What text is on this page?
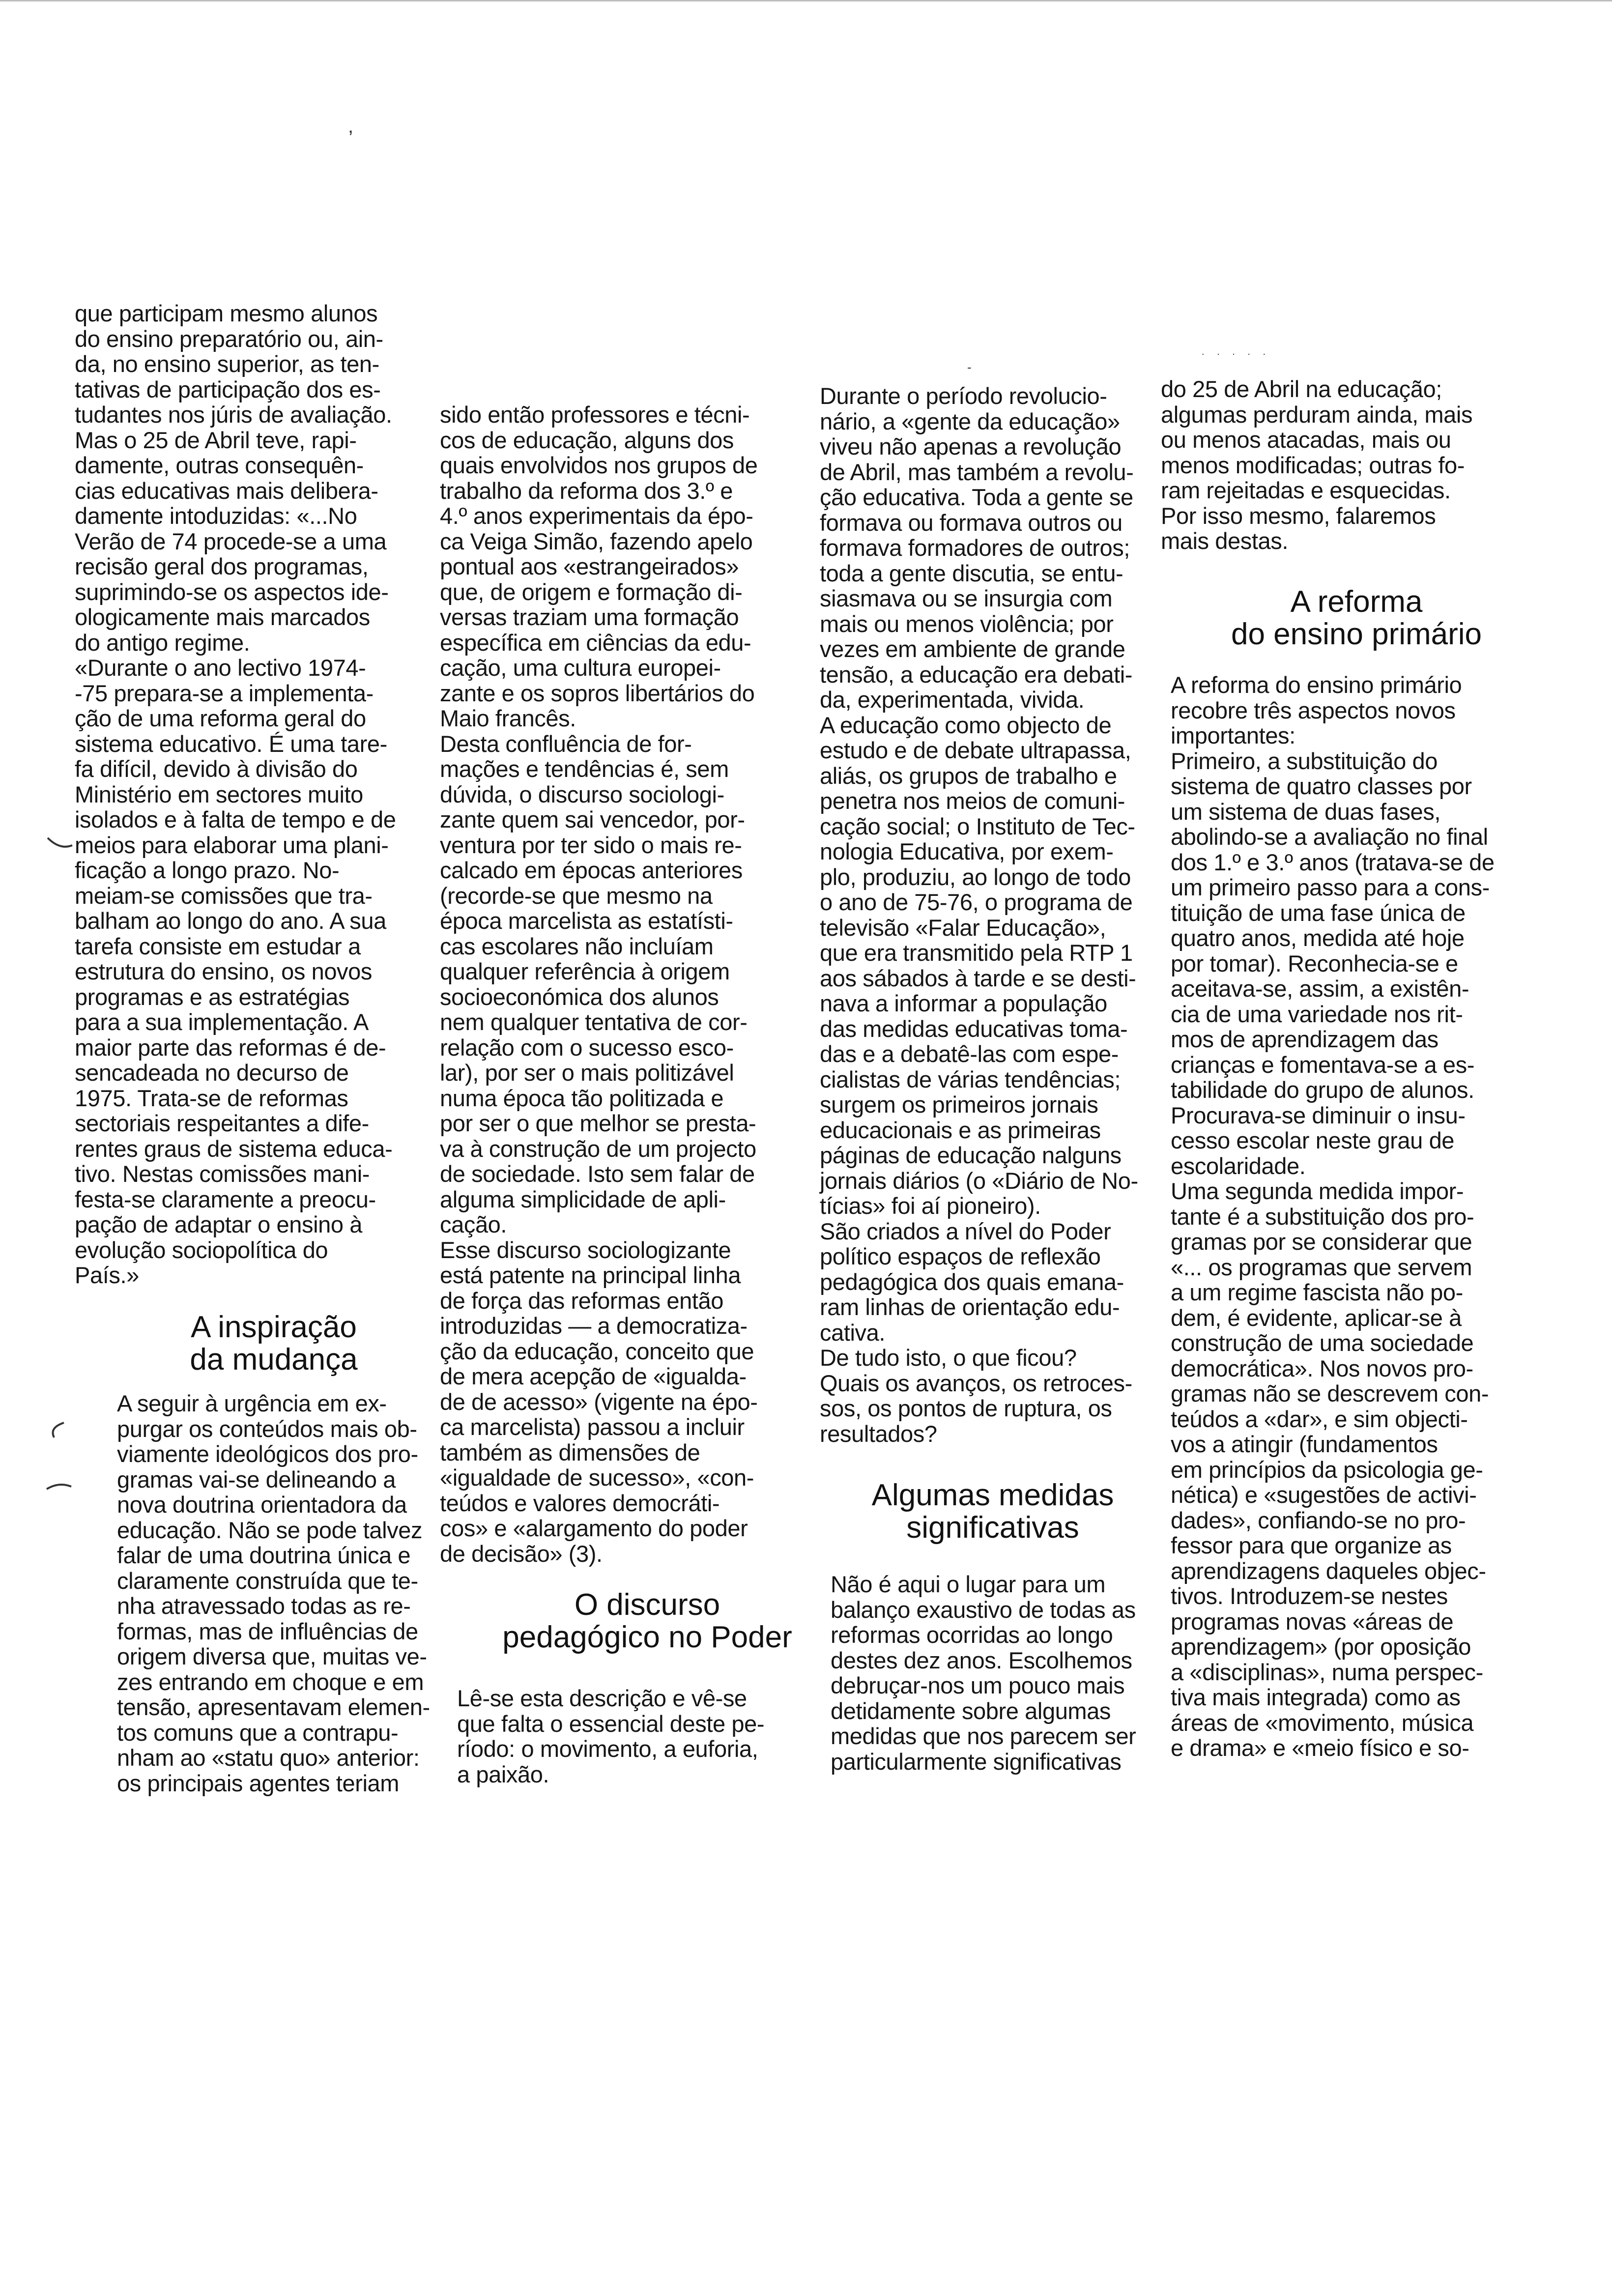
que participam mesmo alunos
do ensino preparatório ou, ain-
da, no ensino superior, as ten-
tativas de participação dos es-
tudantes nos júris de avaliação.
Mas o 25 de Abril teve, rapi-
damente, outras consequên-
cias educativas mais delibera-
damente intoduzidas: «...No
Verão de 74 procede-se a uma
recisão geral dos programas,
suprimindo-se os aspectos ide-
ologicamente mais marcados
do antigo regime.
«Durante o ano lectivo 1974-
-75 prepara-se a implementa-
ção de uma reforma geral do
sistema educativo. É uma tare-
fa difícil, devido à divisão do
Ministério em sectores muito
isolados e à falta de tempo e de
meios para elaborar uma plani-
ficação a longo prazo. No-
meiam-se comissões que tra-
balham ao longo do ano. A sua
tarefa consiste em estudar a
estrutura do ensino, os novos
programas e as estratégias
para a sua implementação. A
maior parte das reformas é de-
sencadeada no decurso de
1975. Trata-se de reformas
sectoriais respeitantes a dife-
rentes graus de sistema educa-
tivo. Nestas comissões mani-
festa-se claramente a preocu-
pação de adaptar o ensino à
evolução sociopolítica do
País.»
A inspiração
da mudança
A seguir à urgência em ex-
purgar os conteúdos mais ob-
viamente ideológicos dos pro-
gramas vai-se delineando a
nova doutrina orientadora da
educação. Não se pode talvez
falar de uma doutrina única e
claramente construída que te-
nha atravessado todas as re-
formas, mas de influências de
origem diversa que, muitas ve-
zes entrando em choque e em
tensão, apresentavam elemen-
tos comuns que a contrapu-
nham ao «statu quo» anterior:
os principais agentes teriam
sido então professores e técni-
cos de educação, alguns dos
quais envolvidos nos grupos de
trabalho da reforma dos 3.º e
4.º anos experimentais da épo-
ca Veiga Simão, fazendo apelo
pontual aos «estrangeirados»
que, de origem e formação di-
versas traziam uma formação
específica em ciências da edu-
cação, uma cultura europei-
zante e os sopros libertários do
Maio francês.
Desta confluência de for-
mações e tendências é, sem
dúvida, o discurso sociologi-
zante quem sai vencedor, por-
ventura por ter sido o mais re-
calcado em épocas anteriores
(recorde-se que mesmo na
época marcelista as estatísti-
cas escolares não incluíam
qualquer referência à origem
socioeconómica dos alunos
nem qualquer tentativa de cor-
relação com o sucesso esco-
lar), por ser o mais politizável
numa época tão politizada e
por ser o que melhor se presta-
va à construção de um projecto
de sociedade. Isto sem falar de
alguma simplicidade de apli-
cação.
Esse discurso sociologizante
está patente na principal linha
de força das reformas então
introduzidas — a democratiza-
ção da educação, conceito que
de mera acepção de «igualda-
de de acesso» (vigente na épo-
ca marcelista) passou a incluir
também as dimensões de
«igualdade de sucesso», «con-
teúdos e valores democráti-
cos» e «alargamento do poder
de decisão» (3).
O discurso
pedagógico no Poder
Lê-se esta descrição e vê-se
que falta o essencial deste pe-
ríodo: o movimento, a euforia,
a paixão.
Durante o período revolucio-
nário, a «gente da educação»
viveu não apenas a revolução
de Abril, mas também a revolu-
ção educativa. Toda a gente se
formava ou formava outros ou
formava formadores de outros;
toda a gente discutia, se entu-
siasmava ou se insurgia com
mais ou menos violência; por
vezes em ambiente de grande
tensão, a educação era debati-
da, experimentada, vivida.
A educação como objecto de
estudo e de debate ultrapassa,
aliás, os grupos de trabalho e
penetra nos meios de comuni-
cação social; o Instituto de Tec-
nologia Educativa, por exem-
plo, produziu, ao longo de todo
o ano de 75-76, o programa de
televisão «Falar Educação»,
que era transmitido pela RTP 1
aos sábados à tarde e se desti-
nava a informar a população
das medidas educativas toma-
das e a debatê-las com espe-
cialistas de várias tendências;
surgem os primeiros jornais
educacionais e as primeiras
páginas de educação nalguns
jornais diários (o «Diário de No-
tícias» foi aí pioneiro).
São criados a nível do Poder
político espaços de reflexão
pedagógica dos quais emana-
ram linhas de orientação edu-
cativa.
De tudo isto, o que ficou?
Quais os avanços, os retroces-
sos, os pontos de ruptura, os
resultados?
Algumas medidas
significativas
Não é aqui o lugar para um
balanço exaustivo de todas as
reformas ocorridas ao longo
destes dez anos. Escolhemos
debruçar-nos um pouco mais
detidamente sobre algumas
medidas que nos parecem ser
particularmente significativas
do 25 de Abril na educação;
algumas perduram ainda, mais
ou menos atacadas, mais ou
menos modificadas; outras fo-
ram rejeitadas e esquecidas.
Por isso mesmo, falaremos
mais destas.
A reforma
do ensino primário
A reforma do ensino primário
recobre três aspectos novos
importantes:
Primeiro, a substituição do
sistema de quatro classes por
um sistema de duas fases,
abolindo-se a avaliação no final
dos 1.º e 3.º anos (tratava-se de
um primeiro passo para a cons-
tituição de uma fase única de
quatro anos, medida até hoje
por tomar). Reconhecia-se e
aceitava-se, assim, a existên-
cia de uma variedade nos rit-
mos de aprendizagem das
crianças e fomentava-se a es-
tabilidade do grupo de alunos.
Procurava-se diminuir o insu-
cesso escolar neste grau de
escolaridade.
Uma segunda medida impor-
tante é a substituição dos pro-
gramas por se considerar que
«... os programas que servem
a um regime fascista não po-
dem, é evidente, aplicar-se à
construção de uma sociedade
democrática». Nos novos pro-
gramas não se descrevem con-
teúdos a «dar», e sim objecti-
vos a atingir (fundamentos
em princípios da psicologia ge-
nética) e «sugestões de activi-
dades», confiando-se no pro-
fessor para que organize as
aprendizagens daqueles objec-
tivos. Introduzem-se nestes
programas novas «áreas de
aprendizagem» (por oposição
a «disciplinas», numa perspec-
tiva mais integrada) como as
áreas de «movimento, música
e drama» e «meio físico e so-
,
. . . . .
-
